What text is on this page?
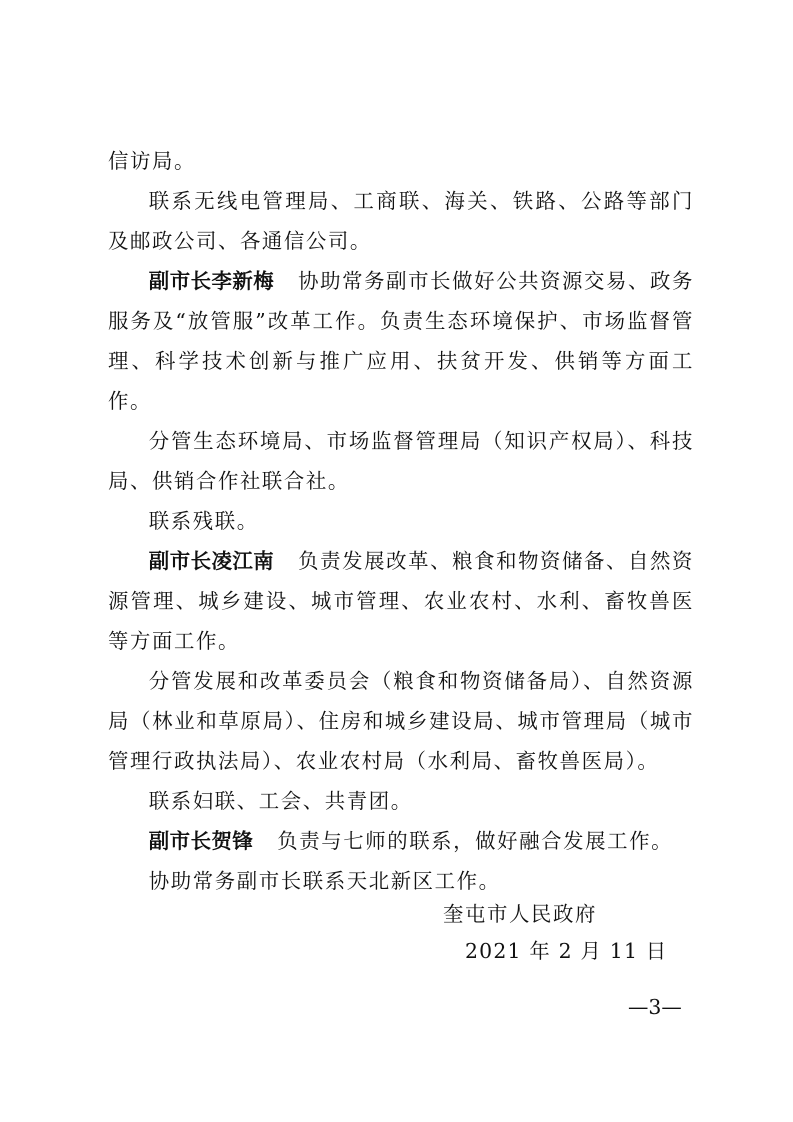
信访局。

联系无线电管理局、工商联、海关、铁路、公路等部门及邮政公司、各通信公司。

副市长李新梅 协助常务副市长做好公共资源交易、政务服务及“放管服”改革工作。负责生态环境保护、市场监督管理、科学技术创新与推广应用、扶贫开发、供销等方面工作。

分管生态环境局、市场监督管理局（知识产权局）、科技局、供销合作社联合社。

联系残联。

副市长凌江南 负责发展改革、粮食和物资储备、自然资源管理、城乡建设、城市管理、农业农村、水利、畜牧兽医等方面工作。

分管发展和改革委员会（粮食和物资储备局）、自然资源局（林业和草原局）、住房和城乡建设局、城市管理局（城市管理行政执法局）、农业农村局（水利局、畜牧兽医局）。

联系妇联、工会、共青团。

副市长贺锋 负责与七师的联系，做好融合发展工作。

协助常务副市长联系天北新区工作。

奎屯市人民政府
2021 年 2 月 11 日
—3—
